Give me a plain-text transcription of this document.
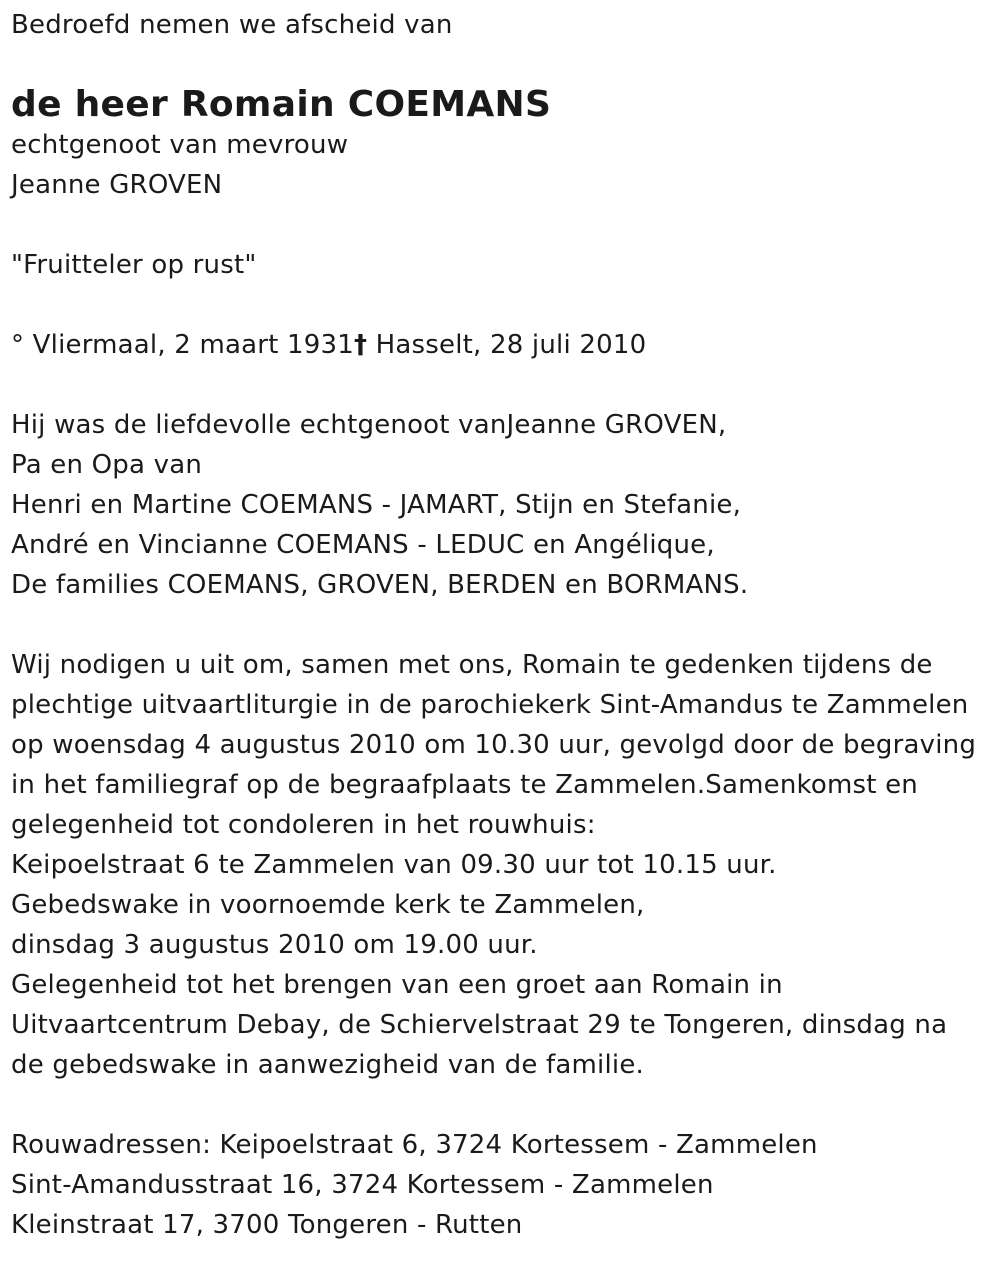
Bedroefd nemen we afscheid van
de heer Romain COEMANS
echtgenoot van mevrouw
Jeanne GROVEN
"Fruitteler op rust"
° Vliermaal, 2 maart 1931† Hasselt, 28 juli 2010
Hij was de liefdevolle echtgenoot vanJeanne GROVEN,
Pa en Opa van
Henri en Martine COEMANS - JAMART, Stijn en Stefanie,
André en Vincianne COEMANS - LEDUC en Angélique,
De families COEMANS, GROVEN, BERDEN en BORMANS.
Wij nodigen u uit om, samen met ons, Romain te gedenken tijdens de
plechtige uitvaartliturgie in de parochiekerk Sint-Amandus te Zammelen
op woensdag 4 augustus 2010 om 10.30 uur, gevolgd door de begraving
in het familiegraf op de begraafplaats te Zammelen.Samenkomst en
gelegenheid tot condoleren in het rouwhuis:
Keipoelstraat 6 te Zammelen van 09.30 uur tot 10.15 uur.
Gebedswake in voornoemde kerk te Zammelen,
dinsdag 3 augustus 2010 om 19.00 uur.
Gelegenheid tot het brengen van een groet aan Romain in
Uitvaartcentrum Debay, de Schiervelstraat 29 te Tongeren, dinsdag na
de gebedswake in aanwezigheid van de familie.
Rouwadressen: Keipoelstraat 6, 3724 Kortessem - Zammelen
Sint-Amandusstraat 16, 3724 Kortessem - Zammelen
Kleinstraat 17, 3700 Tongeren - Rutten
